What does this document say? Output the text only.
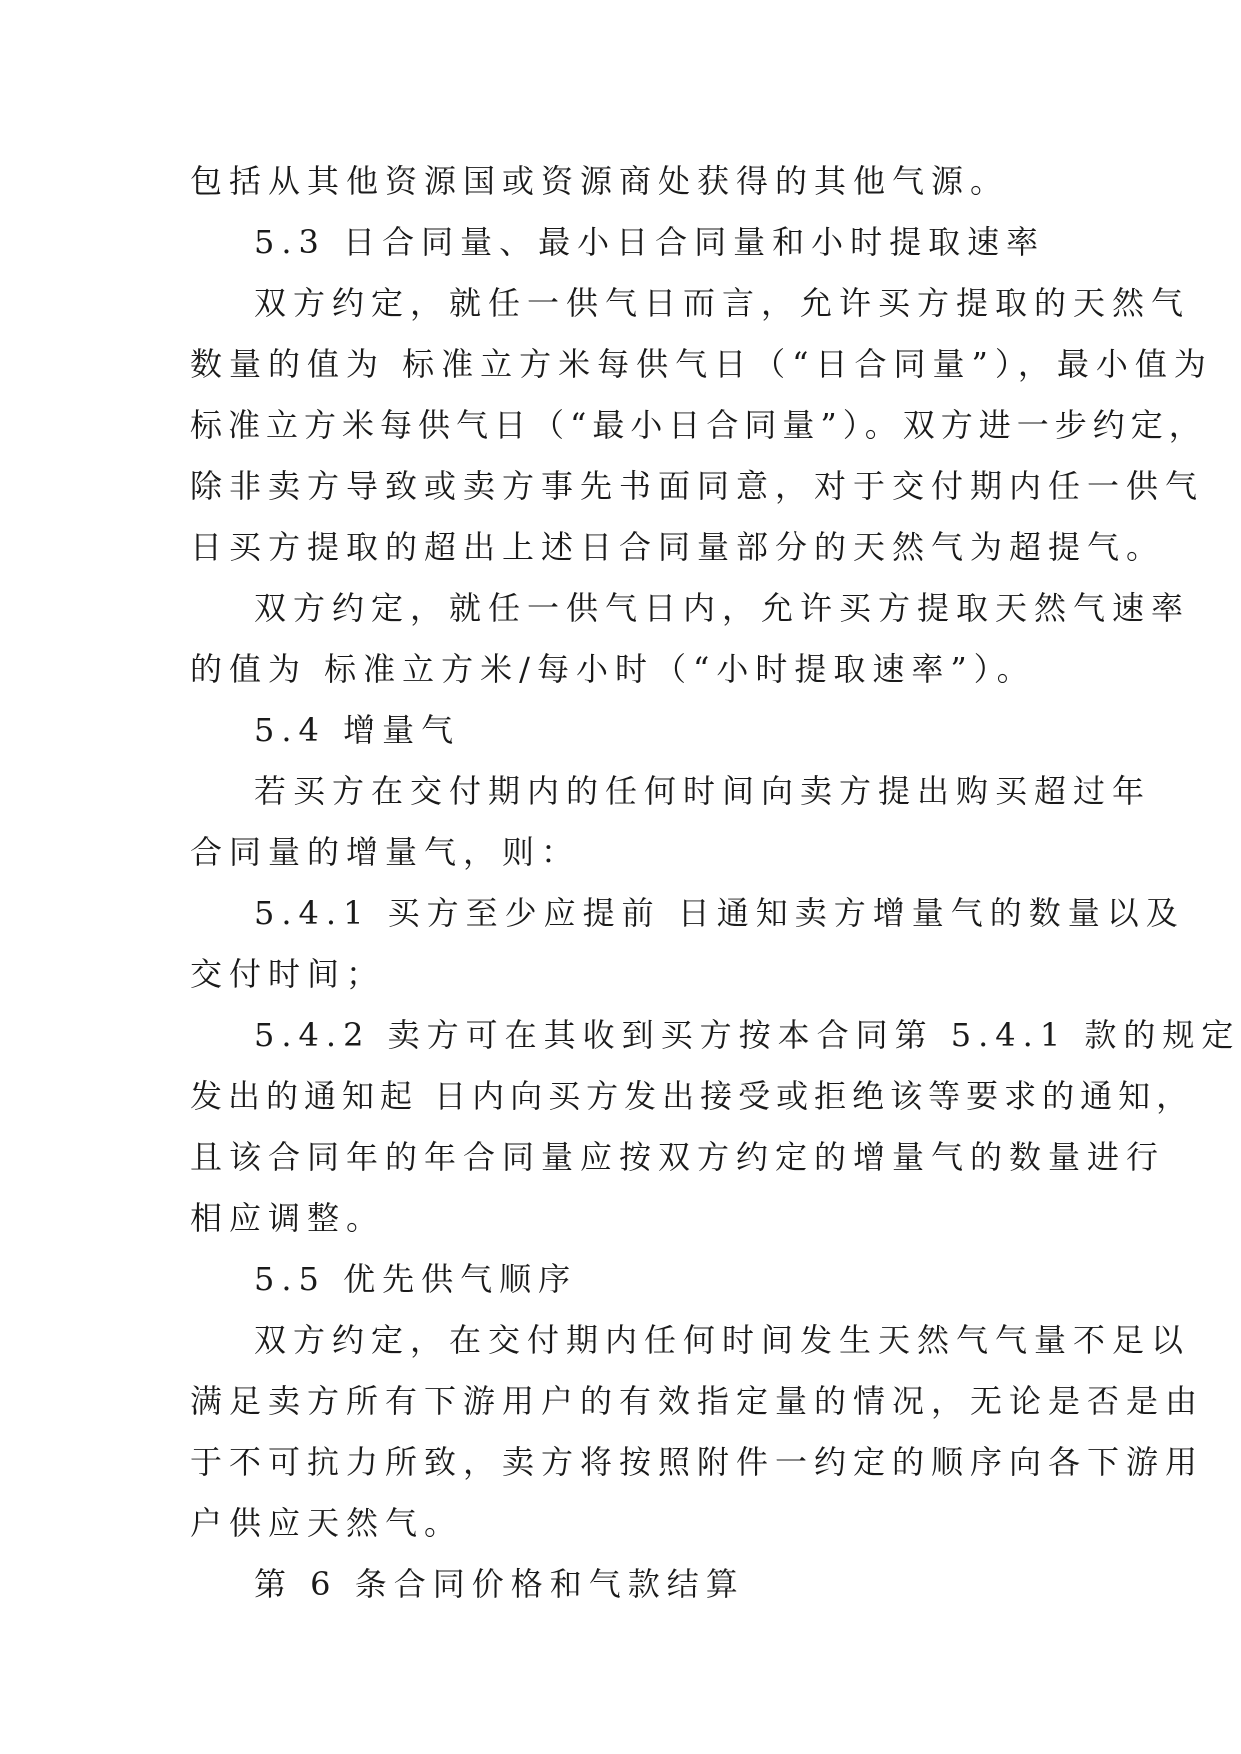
包括从其他资源国或资源商处获得的其他气源。
5.3 日合同量、最小日合同量和小时提取速率
双方约定，就任一供气日而言，允许买方提取的天然气
数量的值为 标准立方米每供气日（“日合同量”），最小值为
标准立方米每供气日（“最小日合同量”）。双方进一步约定，
除非卖方导致或卖方事先书面同意，对于交付期内任一供气
日买方提取的超出上述日合同量部分的天然气为超提气。
双方约定，就任一供气日内，允许买方提取天然气速率
的值为 标准立方米/每小时（“小时提取速率”）。
5.4 增量气
若买方在交付期内的任何时间向卖方提出购买超过年
合同量的增量气，则：
5.4.1 买方至少应提前 日通知卖方增量气的数量以及
交付时间；
5.4.2 卖方可在其收到买方按本合同第 5.4.1 款的规定
发出的通知起 日内向买方发出接受或拒绝该等要求的通知，
且该合同年的年合同量应按双方约定的增量气的数量进行
相应调整。
5.5 优先供气顺序
双方约定，在交付期内任何时间发生天然气气量不足以
满足卖方所有下游用户的有效指定量的情况，无论是否是由
于不可抗力所致，卖方将按照附件一约定的顺序向各下游用
户供应天然气。
第 6 条合同价格和气款结算
